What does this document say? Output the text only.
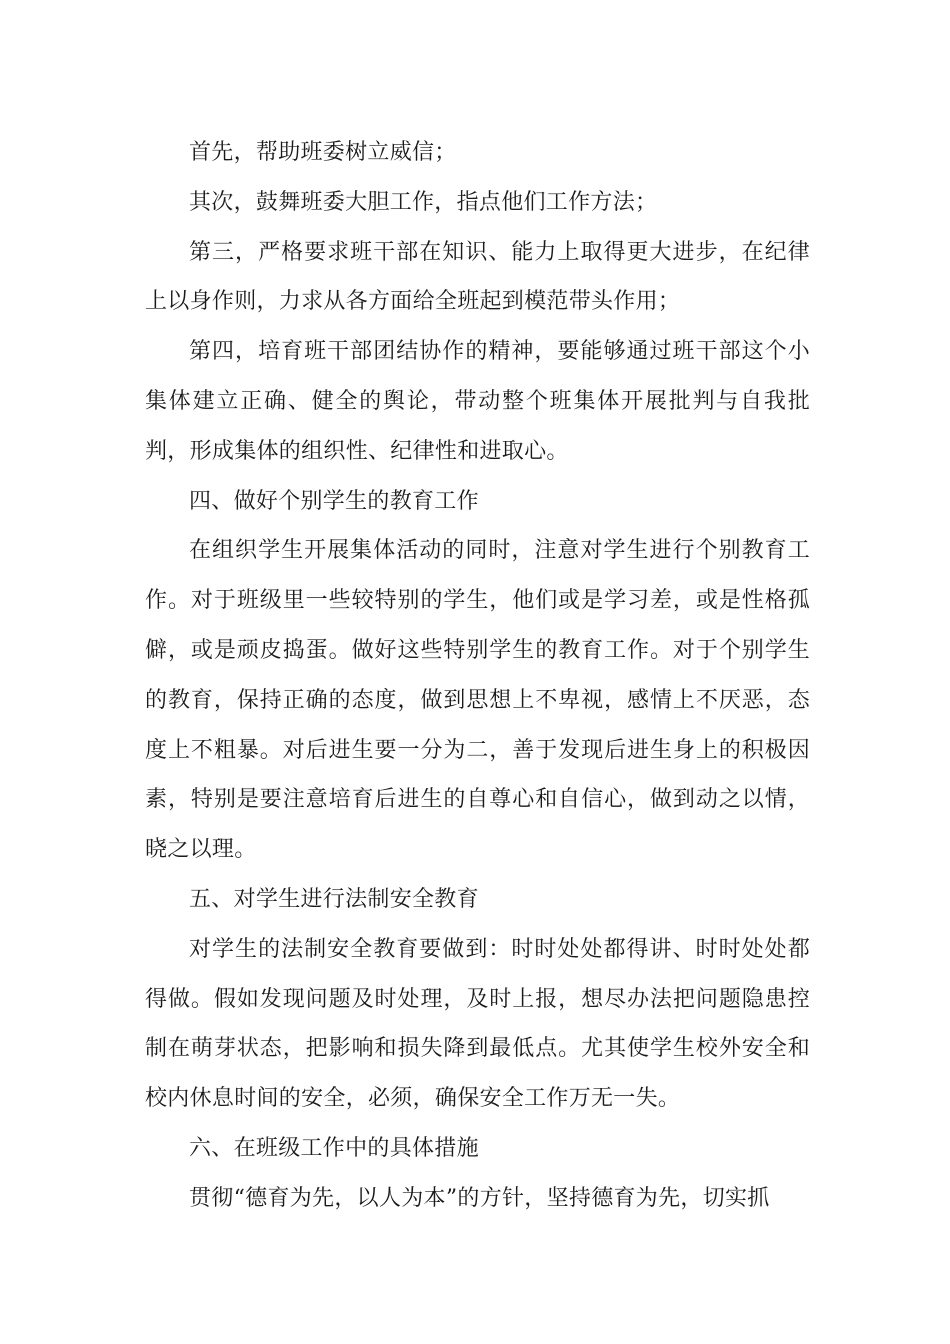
首先，帮助班委树立威信；

其次，鼓舞班委大胆工作，指点他们工作方法；

第三，严格要求班干部在知识、能力上取得更大进步，在纪律上以身作则，力求从各方面给全班起到模范带头作用；

第四，培育班干部团结协作的精神，要能够通过班干部这个小集体建立正确、健全的舆论，带动整个班集体开展批判与自我批判，形成集体的组织性、纪律性和进取心。

四、做好个别学生的教育工作

在组织学生开展集体活动的同时，注意对学生进行个别教育工作。对于班级里一些较特别的学生，他们或是学习差，或是性格孤僻，或是顽皮捣蛋。做好这些特别学生的教育工作。对于个别学生的教育，保持正确的态度，做到思想上不卑视，感情上不厌恶，态度上不粗暴。对后进生要一分为二，善于发现后进生身上的积极因素，特别是要注意培育后进生的自尊心和自信心，做到动之以情，晓之以理。

五、对学生进行法制安全教育

对学生的法制安全教育要做到：时时处处都得讲、时时处处都得做。假如发现问题及时处理，及时上报，想尽办法把问题隐患控制在萌芽状态，把影响和损失降到最低点。尤其使学生校外安全和校内休息时间的安全，必须，确保安全工作万无一失。

六、在班级工作中的具体措施

贯彻“德育为先，以人为本”的方针，坚持德育为先，切实抓
